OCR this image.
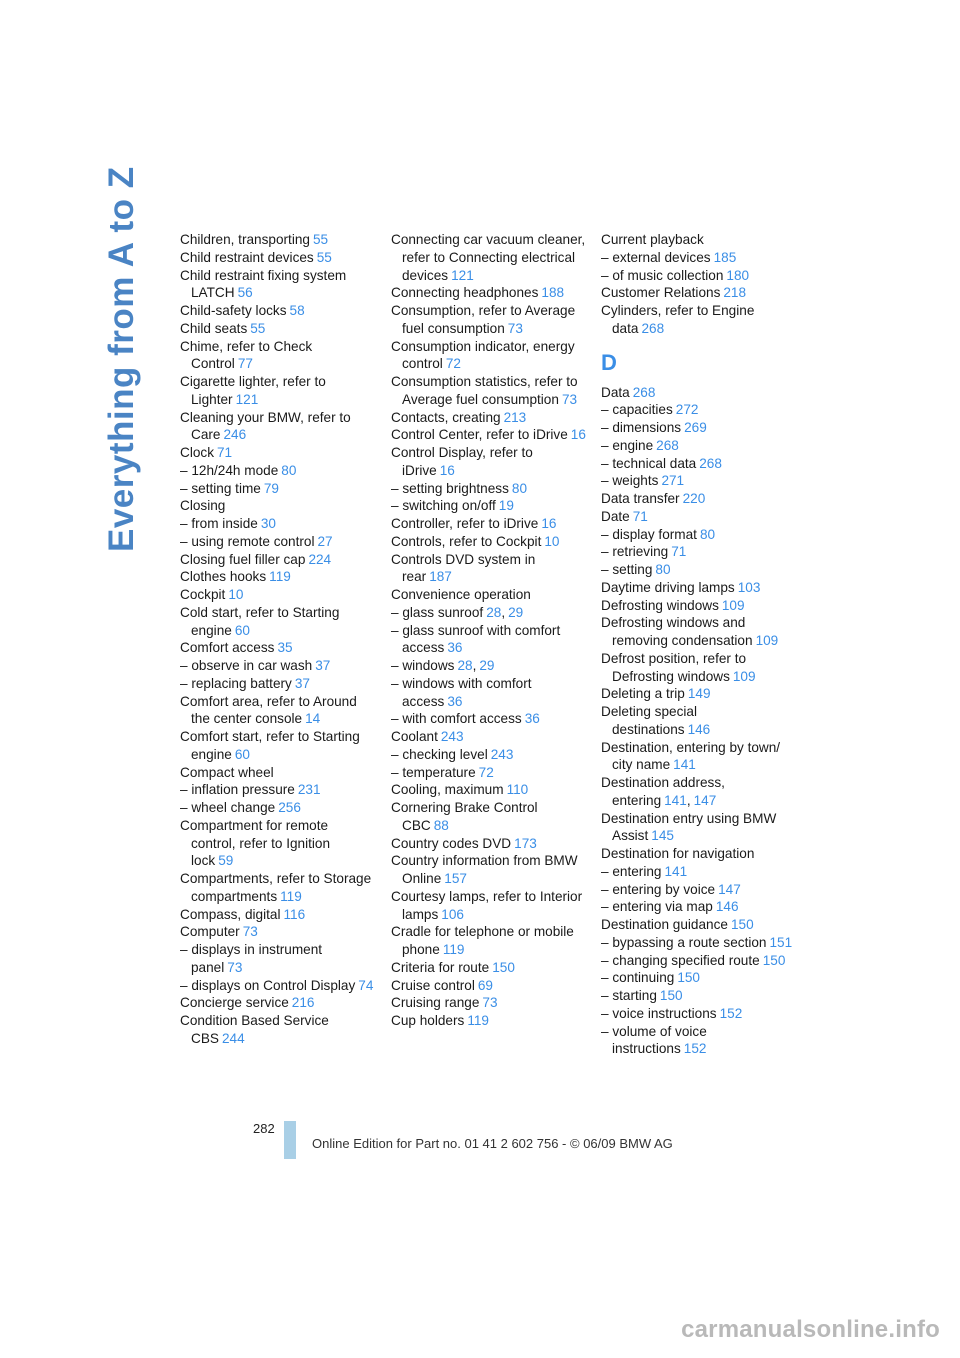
Everything from A to Z	Children, transporting 55
Child restraint devices 55
Child restraint fixing system LATCH 56
Child-safety locks 58
Child seats 55
Chime, refer to Check Control 77
Cigarette lighter, refer to Lighter 121
Cleaning your BMW, refer to Care 246
Clock 71
– 12h/24h mode 80
– setting time 79
Closing
– from inside 30
– using remote control 27
Closing fuel filler cap 224
Clothes hooks 119
Cockpit 10
Cold start, refer to Starting engine 60
Comfort access 35
– observe in car wash 37
– replacing battery 37
Comfort area, refer to Around the center console 14
Comfort start, refer to Starting engine 60
Compact wheel
– inflation pressure 231
– wheel change 256
Compartment for remote control, refer to Ignition lock 59
Compartments, refer to Storage compartments 119
Compass, digital 116
Computer 73
– displays in instrument panel 73
– displays on Control Display 74
Concierge service 216
Condition Based Service CBS 244
Connecting car vacuum cleaner, refer to Connecting electrical devices 121
Connecting headphones 188
Consumption, refer to Average fuel consumption 73
Consumption indicator, energy control 72
Consumption statistics, refer to Average fuel consumption 73
Contacts, creating 213
Control Center, refer to iDrive 16
Control Display, refer to iDrive 16
– setting brightness 80
– switching on/off 19
Controller, refer to iDrive 16
Controls, refer to Cockpit 10
Controls DVD system in rear 187
Convenience operation
– glass sunroof 28, 29
– glass sunroof with comfort access 36
– windows 28, 29
– windows with comfort access 36
– with comfort access 36
Coolant 243
– checking level 243
– temperature 72
Cooling, maximum 110
Cornering Brake Control CBC 88
Country codes DVD 173
Country information from BMW Online 157
Courtesy lamps, refer to Interior lamps 106
Cradle for telephone or mobile phone 119
Criteria for route 150
Cruise control 69
Cruising range 73
Cup holders 119
Current playback
– external devices 185
– of music collection 180
Customer Relations 218
Cylinders, refer to Engine data 268
D
Data 268
– capacities 272
– dimensions 269
– engine 268
– technical data 268
– weights 271
Data transfer 220
Date 71
– display format 80
– retrieving 71
– setting 80
Daytime driving lamps 103
Defrosting windows 109
Defrosting windows and removing condensation 109
Defrost position, refer to Defrosting windows 109
Deleting a trip 149
Deleting special destinations 146
Destination, entering by town/ city name 141
Destination address, entering 141, 147
Destination entry using BMW Assist 145
Destination for navigation
– entering 141
– entering by voice 147
– entering via map 146
Destination guidance 150
– bypassing a route section 151
– changing specified route 150
– continuing 150
– starting 150
– voice instructions 152
– volume of voice instructions 152
282
Online Edition for Part no. 01 41 2 602 756 - © 06/09 BMW AG
carmanualsonline.info
